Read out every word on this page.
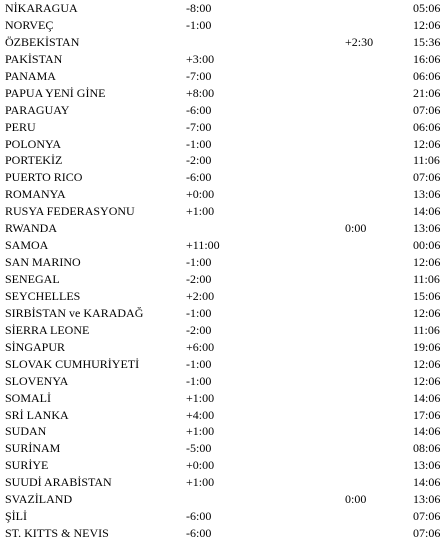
NİKARAGUA	-8:00	05:06
NORVEÇ	-1:00	12:06
ÖZBEKİSTAN	+2:30	15:36
PAKİSTAN	+3:00	16:06
PANAMA	-7:00	06:06
PAPUA YENİ GİNE	+8:00	21:06
PARAGUAY	-6:00	07:06
PERU	-7:00	06:06
POLONYA	-1:00	12:06
PORTEKİZ	-2:00	11:06
PUERTO RICO	-6:00	07:06
ROMANYA	+0:00	13:06
RUSYA FEDERASYONU	+1:00	14:06
RWANDA	0:00	13:06
SAMOA	+11:00	00:06
SAN MARINO	-1:00	12:06
SENEGAL	-2:00	11:06
SEYCHELLES	+2:00	15:06
SIRBİSTAN ve KARADAĞ	-1:00	12:06
SİERRA LEONE	-2:00	11:06
SİNGAPUR	+6:00	19:06
SLOVAK CUMHURİYETİ	-1:00	12:06
SLOVENYA	-1:00	12:06
SOMALİ	+1:00	14:06
SRİ LANKA	+4:00	17:06
SUDAN	+1:00	14:06
SURİNAM	-5:00	08:06
SURİYE	+0:00	13:06
SUUDİ ARABİSTAN	+1:00	14:06
SVAZİLAND	0:00	13:06
ŞİLİ	-6:00	07:06
ST. KITTS & NEVIS	-6:00	07:06
